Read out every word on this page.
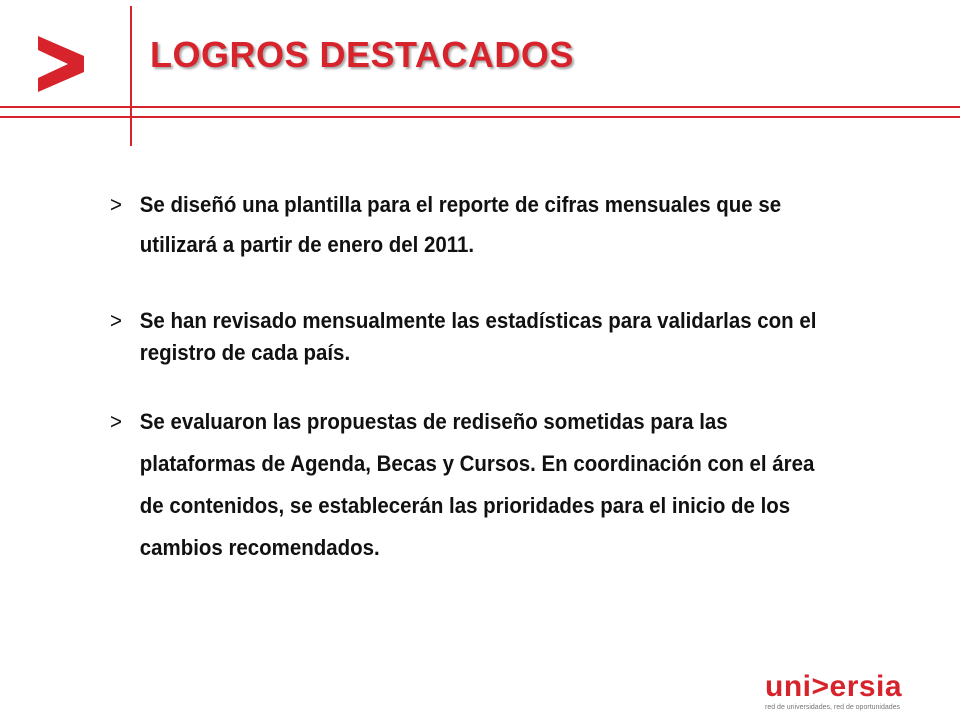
LOGROS DESTACADOS
> Se diseñó una plantilla para el reporte de cifras mensuales que se utilizará a partir de enero del 2011.
> Se han revisado mensualmente las estadísticas para validarlas con el registro de cada país.
> Se evaluaron las propuestas de rediseño sometidas para las plataformas de Agenda, Becas y Cursos. En coordinación con el área de contenidos, se establecerán las prioridades para el inicio de los cambios recomendados.
uni>ersia
red de universidades, red de oportunidades
